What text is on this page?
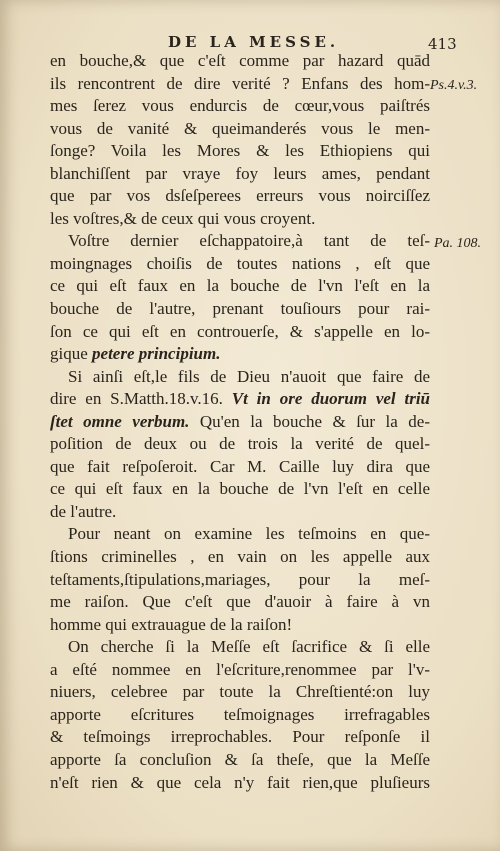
DE LA MESSE.	413
en bouche,& que c'eſt comme par hazard quād
ils rencontrent de dire verité ? Enfans des hom-
mes ſerez vous endurcis de cœur,vous paiſtrés
vous de vanité & queimanderés vous le men-
ſonge? Voila les Mores & les Ethiopiens qui
blanchiſſent par vraye foy leurs ames, pendant
que par vos dsſeſperees erreurs vous noirciſſez
les voſtres,& de ceux qui vous croyent.
Voſtre dernier eſchappatoire,à tant de teſ-
moingnages choiſis de toutes nations , eſt que
ce qui eſt faux en la bouche de l'vn l'eſt en la
bouche de l'autre, prenant touſiours pour rai-
ſon ce qui eſt en controuerſe, & s'appelle en lo-
gique petere principium.
Si ainſi eſt,le fils de Dieu n'auoit que faire de
dire en S.Matth.18.v.16. Vt in ore duorum vel triū
ſtet omne verbum. Qu'en la bouche & ſur la de-
poſition de deux ou de trois la verité de quel-
que fait reſpoſeroit. Car M. Caille luy dira que
ce qui eſt faux en la bouche de l'vn l'eſt en celle
de l'autre.
Pour neant on examine les teſmoins en que-
ſtions criminelles , en vain on les appelle aux
teſtaments,ſtipulations,mariages, pour la meſ-
me raiſon. Que c'eſt que d'auoir à faire à vn
homme qui extrauague de la raiſon!
On cherche ſi la Meſſe eſt ſacrifice & ſi elle
a eſté nommee en l'eſcriture,renommee par l'v-
niuers, celebree par toute la Chreſtienté:on luy
apporte eſcritures teſmoignages irrefragables
& teſmoings irreprochables. Pour reſponſe il
apporte ſa concluſion & ſa theſe, que la Meſſe
n'eſt rien & que cela n'y fait rien,que pluſieurs
Ps.4.v.3.
Pa. 108.
